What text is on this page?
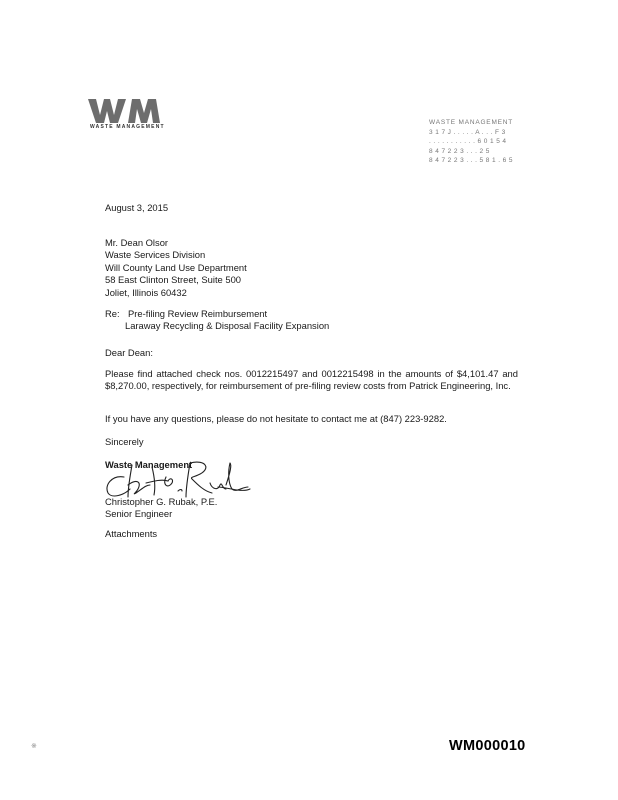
WASTE MANAGEMENT
WASTE MANAGEMENT
3 1 7 J . . . . . A . . . F 3
. . . . . . . . . . . 6 0 1 5 4
8 4 7 2 2 3 . . . 2 5
8 4 7 2 2 3 . . . 5 8 1 . 6 5
August 3, 2015
Mr. Dean Olsor
Waste Services Division
Will County Land Use Department
58 East Clinton Street, Suite 500
Joliet, Illinois 60432
Re: Pre-filing Review Reimbursement
Laraway Recycling & Disposal Facility Expansion
Dear Dean:
Please find attached check nos. 0012215497 and 0012215498 in the amounts of $4,101.47 and $8,270.00, respectively, for reimbursement of pre-filing review costs from Patrick Engineering, Inc.
If you have any questions, please do not hesitate to contact me at (847) 223-9282.
Sincerely
Waste Management
Christopher G. Rubak, P.E.
Senior Engineer
Attachments
※	WM000010
